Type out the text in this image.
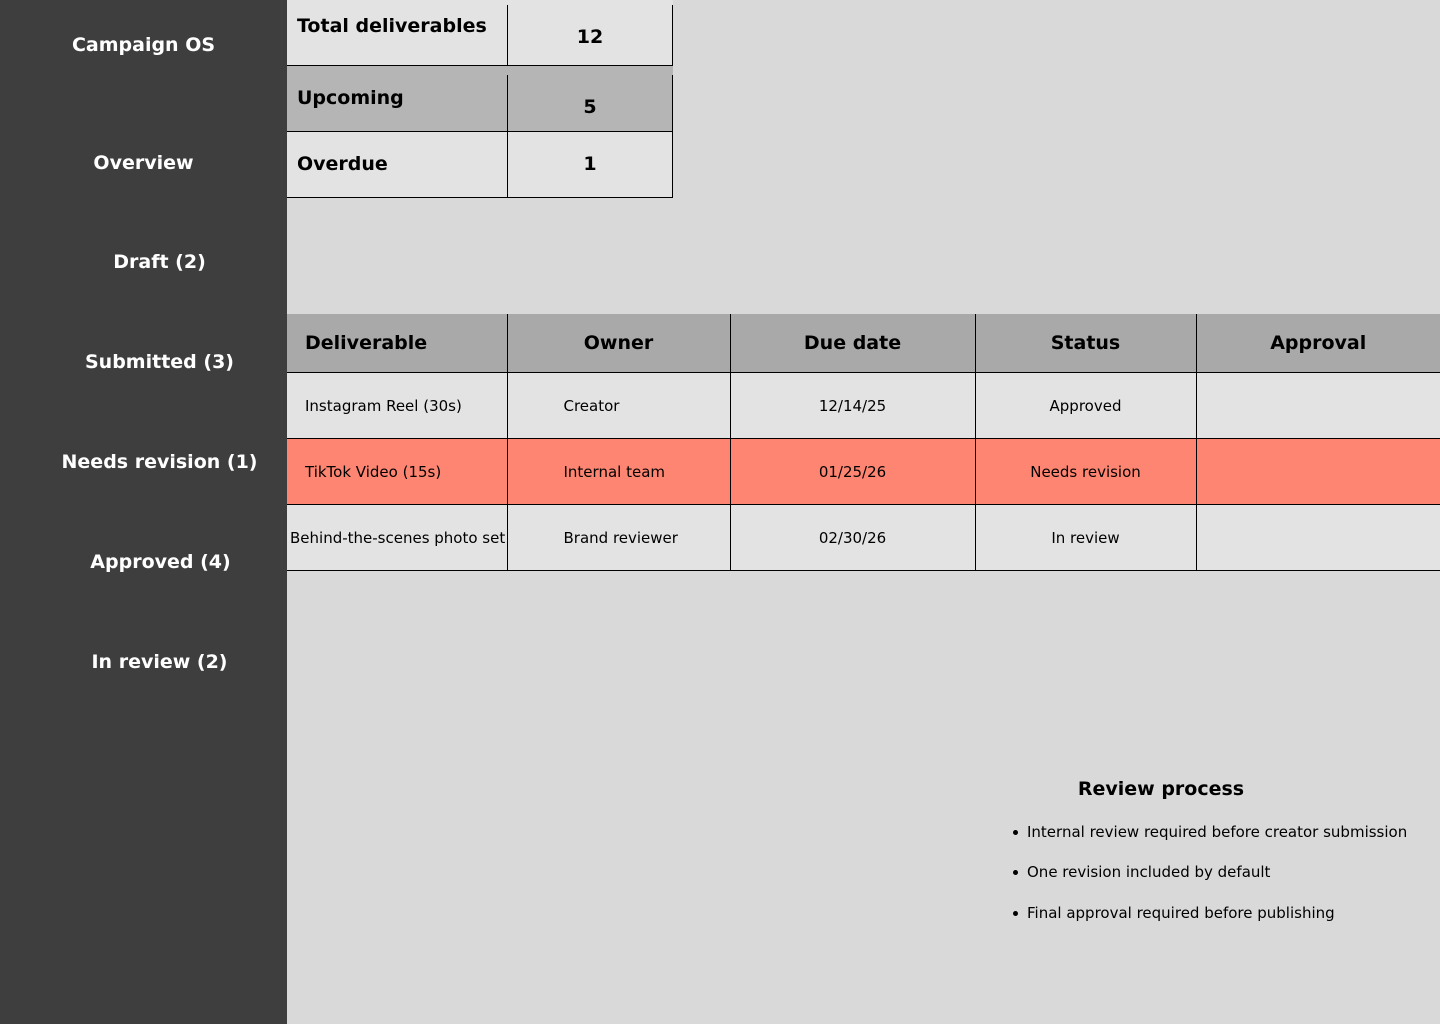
Campaign OS
Overview
Draft (2)
Submitted (3)
Needs revision (1)
Approved (4)
In review (2)
Total deliverables	12
Upcoming	5
Overdue	1
Deliverable	Owner	Due date	Status	Approval
Instagram Reel (30s)	Creator	12/14/25	Approved	
TikTok Video (15s)	Internal team	01/25/26	Needs revision	
Behind-the-scenes photo set	Brand reviewer	02/30/26	In review	
Review process
Internal review required before creator submission
One revision included by default
Final approval required before publishing
